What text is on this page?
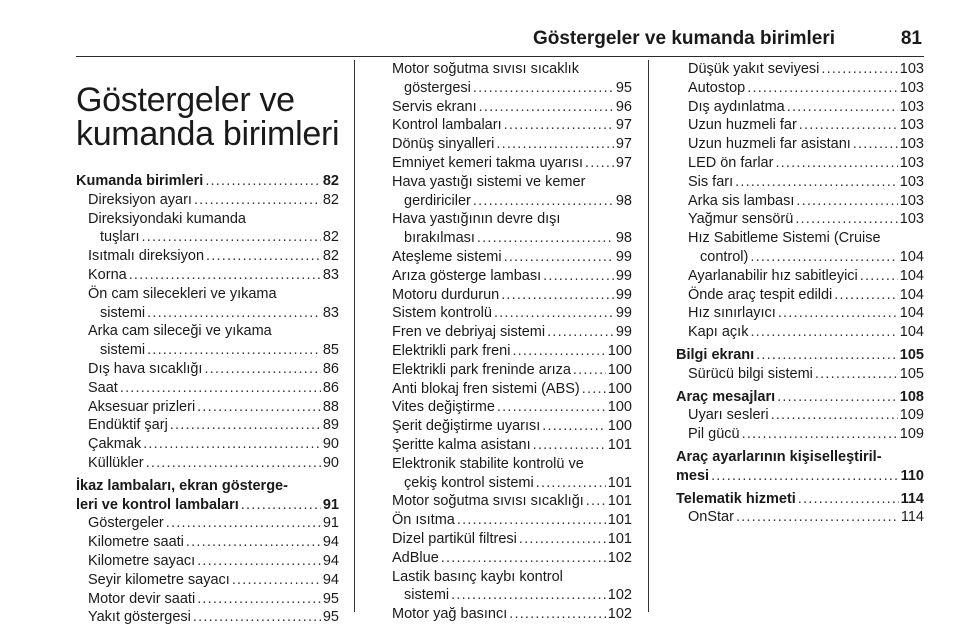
Göstergeler ve kumanda birimleri	81
Göstergeler ve
kumanda birimleri
Kumanda birimleri .....	82
Direksiyon ayarı .....	82
Direksiyondaki kumanda
tuşları .....	82
Isıtmalı direksiyon .....	82
Korna .....	83
Ön cam silecekleri ve yıkama
sistemi .....	83
Arka cam sileceği ve yıkama
sistemi .....	85
Dış hava sıcaklığı .....	86
Saat .....	86
Aksesuar prizleri .....	88
Endüktif şarj .....	89
Çakmak .....	90
Küllükler .....	90
İkaz lambaları, ekran gösterge-
leri ve kontrol lambaları .....	91
Göstergeler .....	91
Kilometre saati .....	94
Kilometre sayacı .....	94
Seyir kilometre sayacı .....	94
Motor devir saati .....	95
Yakıt göstergesi .....	95
Motor soğutma sıvısı sıcaklık
göstergesi .....	95
Servis ekranı .....	96
Kontrol lambaları .....	97
Dönüş sinyalleri .....	97
Emniyet kemeri takma uyarısı ..... 97
Hava yastığı sistemi ve kemer
gerdiriciler .....	98
Hava yastığının devre dışı
bırakılması .....	98
Ateşleme sistemi .....	99
Arıza gösterge lambası .....	99
Motoru durdurun .....	99
Sistem kontrolü .....	99
Fren ve debriyaj sistemi .....	99
Elektrikli park freni .....	100
Elektrikli park freninde arıza .....	100
Anti blokaj fren sistemi (ABS) ..... 100
Vites değiştirme .....	100
Şerit değiştirme uyarısı .....	100
Şeritte kalma asistanı .....	101
Elektronik stabilite kontrolü ve
çekiş kontrol sistemi .....	101
Motor soğutma sıvısı sıcaklığı ..... 101
Ön ısıtma .....	101
Dizel partikül filtresi .....	101
AdBlue .....	102
Lastik basınç kaybı kontrol
sistemi .....	102
Motor yağ basıncı .....	102
Düşük yakıt seviyesi .....	103
Autostop .....	103
Dış aydınlatma .....	103
Uzun huzmeli far .....	103
Uzun huzmeli far asistanı .....	103
LED ön farlar .....	103
Sis farı .....	103
Arka sis lambası .....	103
Yağmur sensörü .....	103
Hız Sabitleme Sistemi (Cruise
control) .....	104
Ayarlanabilir hız sabitleyici .....	104
Önde araç tespit edildi .....	104
Hız sınırlayıcı .....	104
Kapı açık .....	104
Bilgi ekranı .....	105
Sürücü bilgi sistemi .....	105
Araç mesajları .....	108
Uyarı sesleri .....	109
Pil gücü .....	109
Araç ayarlarının kişiselleştiril-
mesi .....	110
Telematik hizmeti .....	114
OnStar .....	114
